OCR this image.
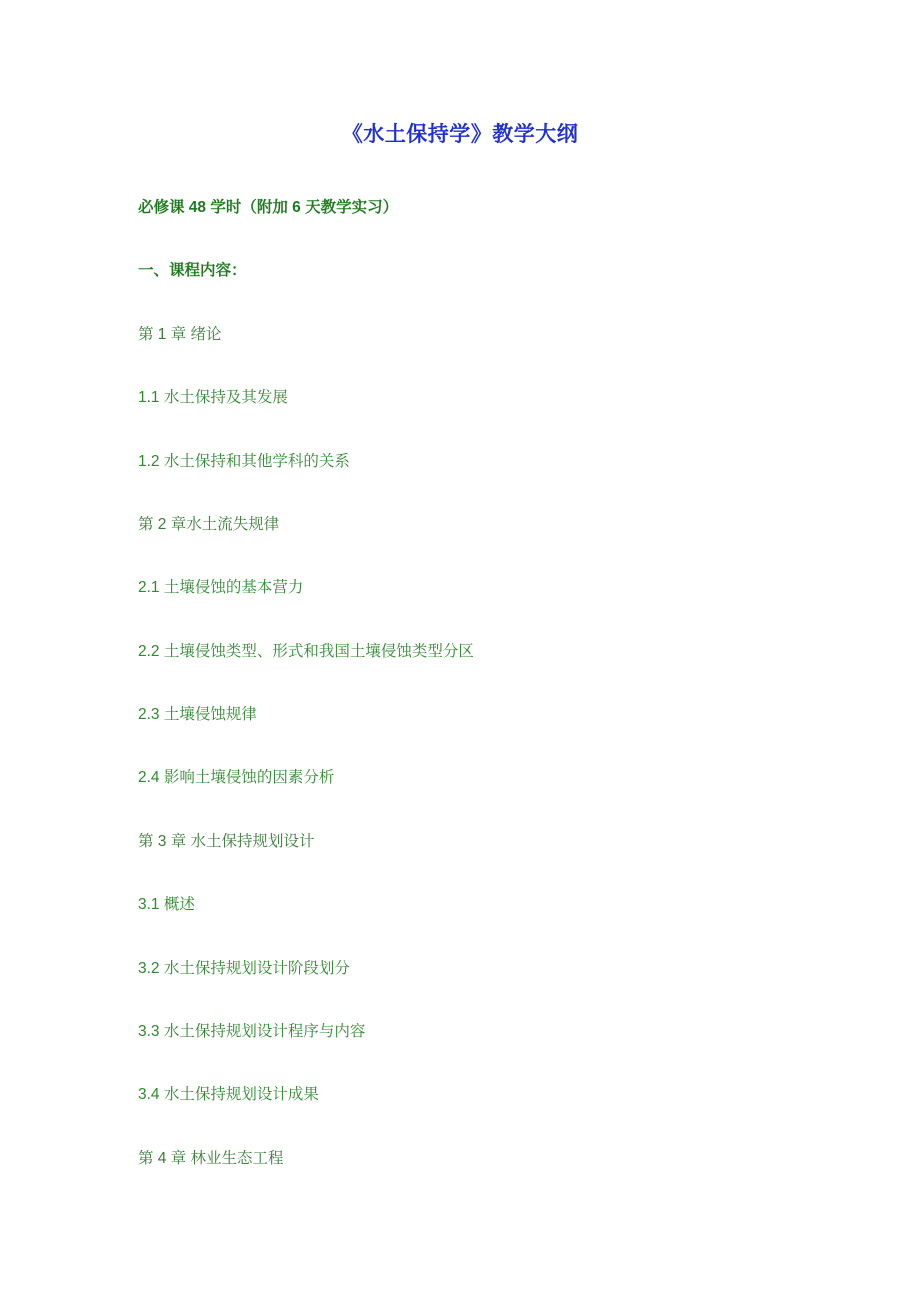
《水土保持学》教学大纲

必修课 48 学时（附加 6 天教学实习）

一、课程内容：

第 1 章 绪论

1.1 水土保持及其发展

1.2 水土保持和其他学科的关系

第 2 章水土流失规律

2.1 土壤侵蚀的基本营力

2.2 土壤侵蚀类型、形式和我国土壤侵蚀类型分区

2.3 土壤侵蚀规律

2.4 影响土壤侵蚀的因素分析

第 3 章 水土保持规划设计

3.1 概述

3.2 水土保持规划设计阶段划分

3.3 水土保持规划设计程序与内容

3.4 水土保持规划设计成果

第 4 章 林业生态工程
